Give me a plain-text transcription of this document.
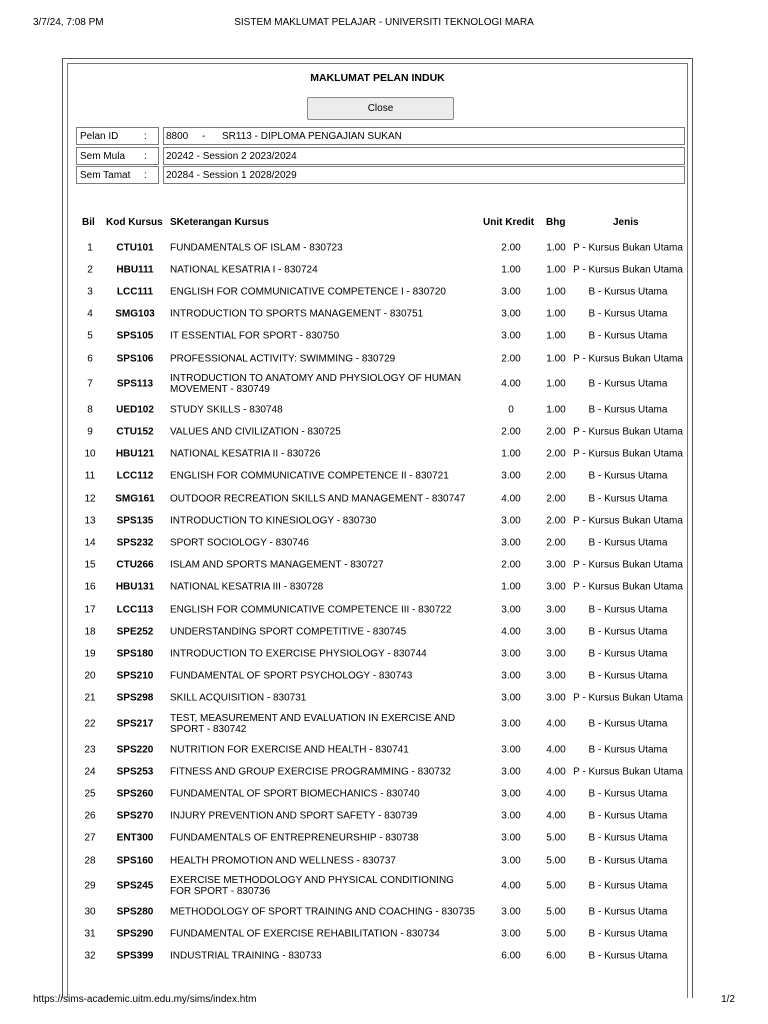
3/7/24, 7:08 PM	SISTEM MAKLUMAT PELAJAR - UNIVERSITI TEKNOLOGI MARA
MAKLUMAT PELAN INDUK
Close
Pelan ID	: 8800 - SR113 - DIPLOMA PENGAJIAN SUKAN
Sem Mula : 20242 - Session 2 2023/2024
Sem Tamat : 20284 - Session 1 2028/2029
Bil Kod Kursus SKeterangan Kursus	Unit Kredit Bhg	Jenis
1	CTU101	FUNDAMENTALS OF ISLAM - 830723	2.00	1.00 P - Kursus Bukan Utama
2	HBU111	NATIONAL KESATRIA I - 830724	1.00	1.00 P - Kursus Bukan Utama
3	LCC111	ENGLISH FOR COMMUNICATIVE COMPETENCE I - 830720	3.00	1.00	B - Kursus Utama
4	SMG103	INTRODUCTION TO SPORTS MANAGEMENT - 830751	3.00	1.00	B - Kursus Utama
5	SPS105	IT ESSENTIAL FOR SPORT - 830750	3.00	1.00	B - Kursus Utama
6	SPS106	PROFESSIONAL ACTIVITY: SWIMMING - 830729	2.00	1.00 P - Kursus Bukan Utama
7	SPS113	INTRODUCTION TO ANATOMY AND PHYSIOLOGY OF HUMAN MOVEMENT - 830749	4.00	1.00	B - Kursus Utama
8	UED102	STUDY SKILLS - 830748	0	1.00	B - Kursus Utama
9	CTU152	VALUES AND CIVILIZATION - 830725	2.00	2.00 P - Kursus Bukan Utama
10	HBU121	NATIONAL KESATRIA II - 830726	1.00	2.00 P - Kursus Bukan Utama
11	LCC112	ENGLISH FOR COMMUNICATIVE COMPETENCE II - 830721	3.00	2.00	B - Kursus Utama
12	SMG161	OUTDOOR RECREATION SKILLS AND MANAGEMENT - 830747	4.00	2.00	B - Kursus Utama
13	SPS135	INTRODUCTION TO KINESIOLOGY - 830730	3.00	2.00 P - Kursus Bukan Utama
14	SPS232	SPORT SOCIOLOGY - 830746	3.00	2.00	B - Kursus Utama
15	CTU266	ISLAM AND SPORTS MANAGEMENT - 830727	2.00	3.00 P - Kursus Bukan Utama
16	HBU131	NATIONAL KESATRIA III - 830728	1.00	3.00 P - Kursus Bukan Utama
17	LCC113	ENGLISH FOR COMMUNICATIVE COMPETENCE III - 830722	3.00	3.00	B - Kursus Utama
18	SPE252	UNDERSTANDING SPORT COMPETITIVE - 830745	4.00	3.00	B - Kursus Utama
19	SPS180	INTRODUCTION TO EXERCISE PHYSIOLOGY - 830744	3.00	3.00	B - Kursus Utama
20	SPS210	FUNDAMENTAL OF SPORT PSYCHOLOGY - 830743	3.00	3.00	B - Kursus Utama
21	SPS298	SKILL ACQUISITION - 830731	3.00	3.00 P - Kursus Bukan Utama
22	SPS217	TEST, MEASUREMENT AND EVALUATION IN EXERCISE AND SPORT - 830742	3.00	4.00	B - Kursus Utama
23	SPS220	NUTRITION FOR EXERCISE AND HEALTH - 830741	3.00	4.00	B - Kursus Utama
24	SPS253	FITNESS AND GROUP EXERCISE PROGRAMMING - 830732	3.00	4.00 P - Kursus Bukan Utama
25	SPS260	FUNDAMENTAL OF SPORT BIOMECHANICS - 830740	3.00	4.00	B - Kursus Utama
26	SPS270	INJURY PREVENTION AND SPORT SAFETY - 830739	3.00	4.00	B - Kursus Utama
27	ENT300	FUNDAMENTALS OF ENTREPRENEURSHIP - 830738	3.00	5.00	B - Kursus Utama
28	SPS160	HEALTH PROMOTION AND WELLNESS - 830737	3.00	5.00	B - Kursus Utama
29	SPS245	EXERCISE METHODOLOGY AND PHYSICAL CONDITIONING FOR SPORT - 830736	4.00	5.00	B - Kursus Utama
30	SPS280	METHODOLOGY OF SPORT TRAINING AND COACHING - 830735	3.00	5.00	B - Kursus Utama
31	SPS290	FUNDAMENTAL OF EXERCISE REHABILITATION - 830734	3.00	5.00	B - Kursus Utama
32	SPS399	INDUSTRIAL TRAINING - 830733	6.00	6.00	B - Kursus Utama
https://sims-academic.uitm.edu.my/sims/index.htm	1/2
